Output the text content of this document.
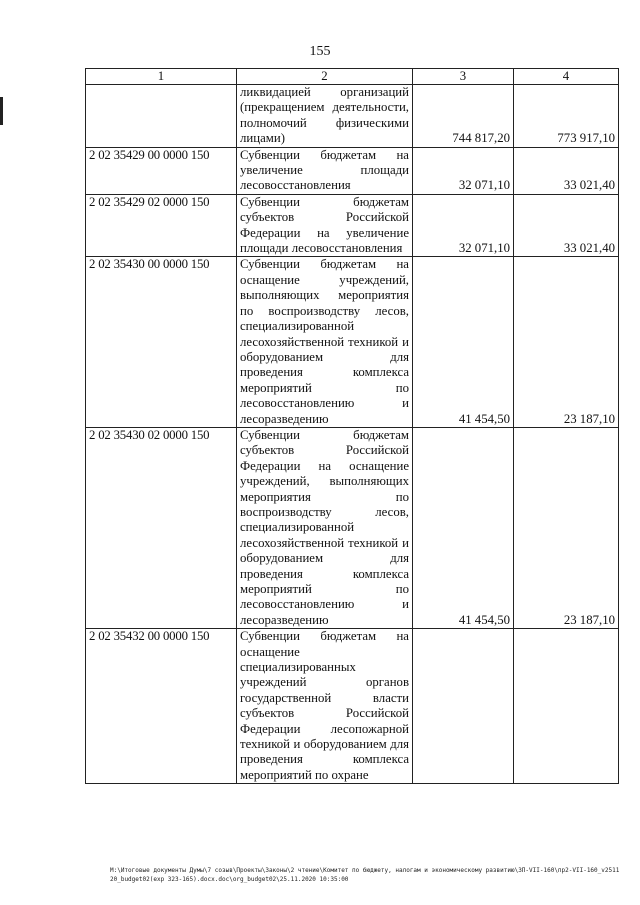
155
1	2	3	4
	ликвидацией организаций (прекращением деятельности, полномочий физическими лицами)	744 817,20	773 917,10
2 02 35429 00 0000 150	Субвенции бюджетам на увеличение площади лесовосстановления	32 071,10	33 021,40
2 02 35429 02 0000 150	Субвенции бюджетам субъектов Российской Федерации на увеличение площади лесовосстановления	32 071,10	33 021,40
2 02 35430 00 0000 150	Субвенции бюджетам на оснащение учреждений, выполняющих мероприятия по воспроизводству лесов, специализированной лесохозяйственной техникой и оборудованием для проведения комплекса мероприятий по лесовосстановлению и лесоразведению	41 454,50	23 187,10
2 02 35430 02 0000 150	Субвенции бюджетам субъектов Российской Федерации на оснащение учреждений, выполняющих мероприятия по воспроизводству лесов, специализированной лесохозяйственной техникой и оборудованием для проведения комплекса мероприятий по лесовосстановлению и лесоразведению	41 454,50	23 187,10
2 02 35432 00 0000 150	Субвенции бюджетам на оснащение специализированных учреждений органов государственной власти субъектов Российской Федерации лесопожарной техникой и оборудованием для проведения комплекса мероприятий по охране		
М:\Итоговые документы Думы\7 созыв\Проекты\Законы\2 чтение\Комитет по бюджету, налогам и экономическому развитию\ЗП-VII-160\пр2-VII-160_v251120_budget02(exp 323-165).docx.doc\org_budget02\25.11.2020 10:35:00
